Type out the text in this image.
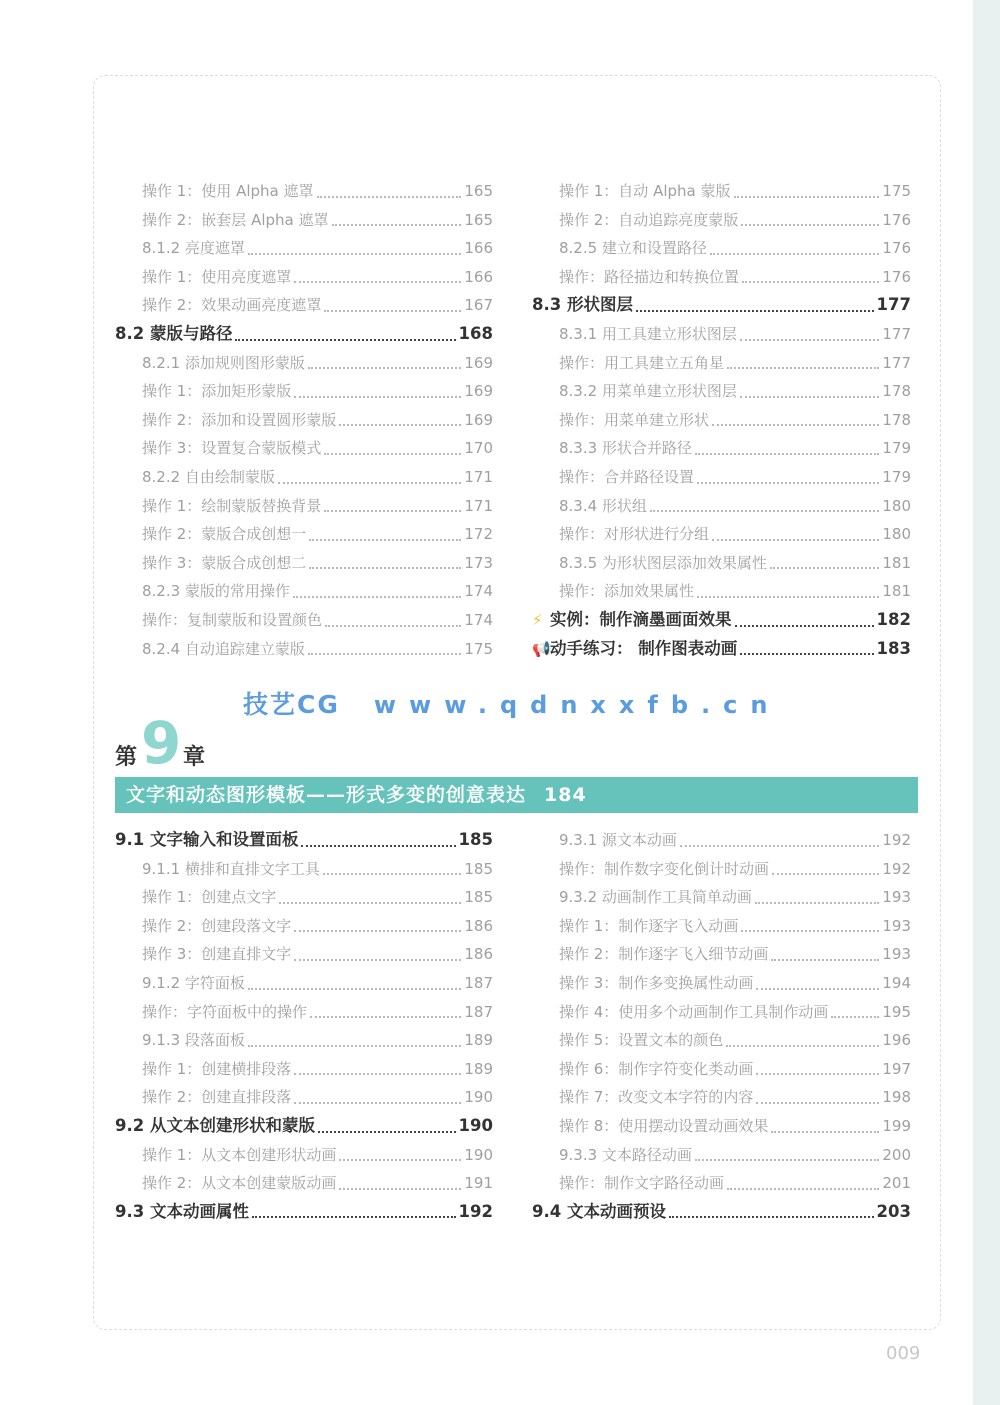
操作 1：使用 Alpha 遮罩	165
操作 2：嵌套层 Alpha 遮罩	165
8.1.2 亮度遮罩	166
操作 1：使用亮度遮罩	166
操作 2：效果动画亮度遮罩	167
8.2 蒙版与路径	168
8.2.1 添加规则图形蒙版	169
操作 1：添加矩形蒙版	169
操作 2：添加和设置圆形蒙版	169
操作 3：设置复合蒙版模式	170
8.2.2 自由绘制蒙版	171
操作 1：绘制蒙版替换背景	171
操作 2：蒙版合成创想一	172
操作 3：蒙版合成创想二	173
8.2.3 蒙版的常用操作	174
操作：复制蒙版和设置颜色	174
8.2.4 自动追踪建立蒙版	175
操作 1：自动 Alpha 蒙版	175
操作 2：自动追踪亮度蒙版	176
8.2.5 建立和设置路径	176
操作：路径描边和转换位置	176
8.3 形状图层	177
8.3.1 用工具建立形状图层	177
操作：用工具建立五角星	177
8.3.2 用菜单建立形状图层	178
操作：用菜单建立形状	178
8.3.3 形状合并路径	179
操作：合并路径设置	179
8.3.4 形状组	180
操作：对形状进行分组	180
8.3.5 为形状图层添加效果属性	181
操作：添加效果属性	181
⚡ 实例：制作滴墨画面效果	182
📢 动手练习： 制作图表动画	183
技艺CG www.qdnxxfb.cn
第 9 章
文字和动态图形模板——形式多变的创意表达 184
9.1 文字输入和设置面板	185
9.1.1 横排和直排文字工具	185
操作 1：创建点文字	185
操作 2：创建段落文字	186
操作 3：创建直排文字	186
9.1.2 字符面板	187
操作：字符面板中的操作	187
9.1.3 段落面板	189
操作 1：创建横排段落	189
操作 2：创建直排段落	190
9.2 从文本创建形状和蒙版	190
操作 1：从文本创建形状动画	190
操作 2：从文本创建蒙版动画	191
9.3 文本动画属性	192
9.3.1 源文本动画	192
操作：制作数字变化倒计时动画	192
9.3.2 动画制作工具简单动画	193
操作 1：制作逐字飞入动画	193
操作 2：制作逐字飞入细节动画	193
操作 3：制作多变换属性动画	194
操作 4：使用多个动画制作工具制作动画	195
操作 5：设置文本的颜色	196
操作 6：制作字符变化类动画	197
操作 7：改变文本字符的内容	198
操作 8：使用摆动设置动画效果	199
9.3.3 文本路径动画	200
操作：制作文字路径动画	201
9.4 文本动画预设	203
009
